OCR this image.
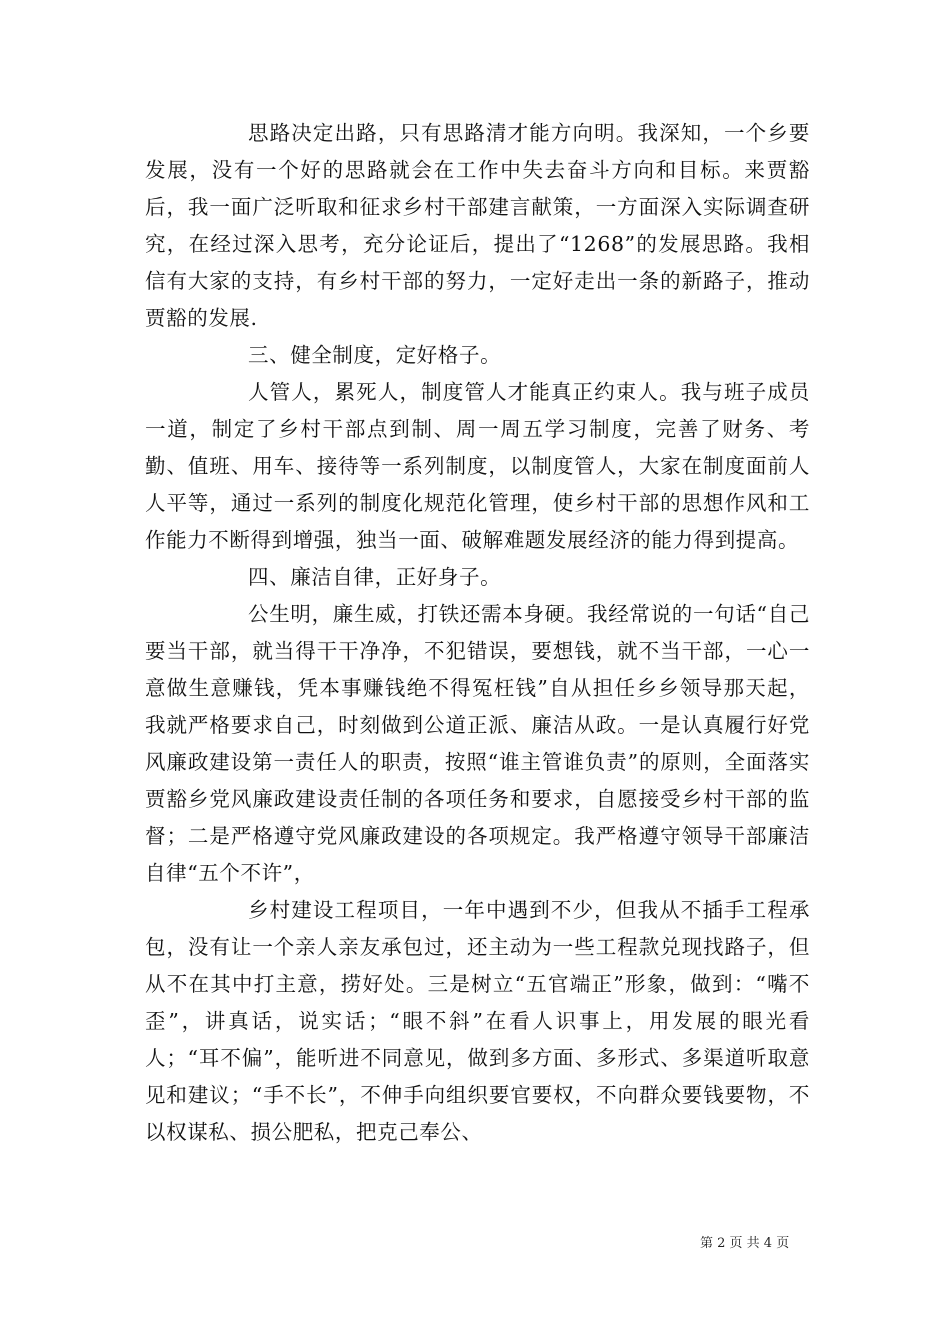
思路决定出路，只有思路清才能方向明。我深知，一个乡要发展，没有一个好的思路就会在工作中失去奋斗方向和目标。来贾豁后，我一面广泛听取和征求乡村干部建言献策，一方面深入实际调查研究，在经过深入思考，充分论证后，提出了“1268”的发展思路。我相信有大家的支持，有乡村干部的努力，一定好走出一条的新路子，推动贾豁的发展.

三、健全制度，定好格子。

人管人，累死人，制度管人才能真正约束人。我与班子成员一道，制定了乡村干部点到制、周一周五学习制度，完善了财务、考勤、值班、用车、接待等一系列制度，以制度管人，大家在制度面前人人平等，通过一系列的制度化规范化管理，使乡村干部的思想作风和工作能力不断得到增强，独当一面、破解难题发展经济的能力得到提高。

四、廉洁自律，正好身子。

公生明，廉生威，打铁还需本身硬。我经常说的一句话“自己要当干部，就当得干干净净，不犯错误，要想钱，就不当干部，一心一意做生意赚钱，凭本事赚钱绝不得冤枉钱”自从担任乡乡领导那天起，我就严格要求自己，时刻做到公道正派、廉洁从政。一是认真履行好党风廉政建设第一责任人的职责，按照“谁主管谁负责”的原则，全面落实贾豁乡党风廉政建设责任制的各项任务和要求，自愿接受乡村干部的监督；二是严格遵守党风廉政建设的各项规定。我严格遵守领导干部廉洁自律“五个不许”，

乡村建设工程项目，一年中遇到不少，但我从不插手工程承包，没有让一个亲人亲友承包过，还主动为一些工程款兑现找路子，但从不在其中打主意，捞好处。三是树立“五官端正”形象，做到：“嘴不歪”，讲真话，说实话；“眼不斜”在看人识事上，用发展的眼光看人；“耳不偏”，能听进不同意见，做到多方面、多形式、多渠道听取意见和建议；“手不长”，不伸手向组织要官要权，不向群众要钱要物，不以权谋私、损公肥私，把克己奉公、

第 2 页 共 4 页
